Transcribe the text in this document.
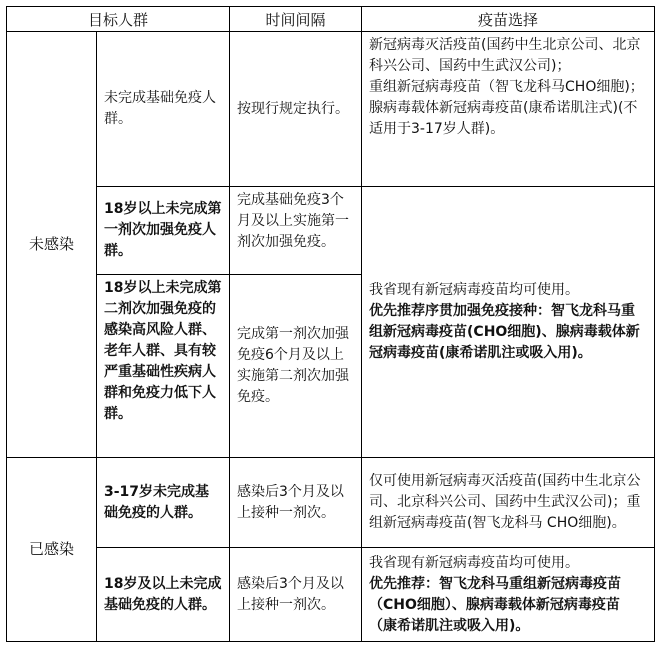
目标人群		时间间隔	疫苗选择
未感染	未完成基础免疫人群。	按现行规定执行。	新冠病毒灭活疫苗(国药中生北京公司、北京科兴公司、国药中生武汉公司)；
重组新冠病毒疫苗（智飞龙科马CHO细胞)；
腺病毒载体新冠病毒疫苗(康希诺肌注式)(不适用于3-17岁人群)。

	18岁以上未完成第一剂次加强免疫人群。	完成基础免疫3个月及以上实施第一剂次加强免疫。	我省现有新冠病毒疫苗均可使用。
优先推荐序贯加强免疫接种：智飞龙科马重组新冠病毒疫苗(CHO细胞)、腺病毒载体新冠病毒疫苗(康希诺肌注或吸入用)。

	18岁以上未完成第二剂次加强免疫的感染高风险人群、老年人群、具有较严重基础性疾病人群和免疫力低下人群。	完成第一剂次加强免疫6个月及以上实施第二剂次加强免疫。	
已感染	3-17岁未完成基础免疫的人群。	感染后3个月及以上接种一剂次。	仅可使用新冠病毒灭活疫苗(国药中生北京公司、北京科兴公司、国药中生武汉公司)；重组新冠病毒疫苗(智飞龙科马 CHO细胞)。
	18岁及以上未完成基础免疫的人群。	感染后3个月及以上接种一剂次。	我省现有新冠病毒疫苗均可使用。
优先推荐：智飞龙科马重组新冠病毒疫苗（CHO细胞）、腺病毒载体新冠病毒疫苗（康希诺肌注或吸入用)。
